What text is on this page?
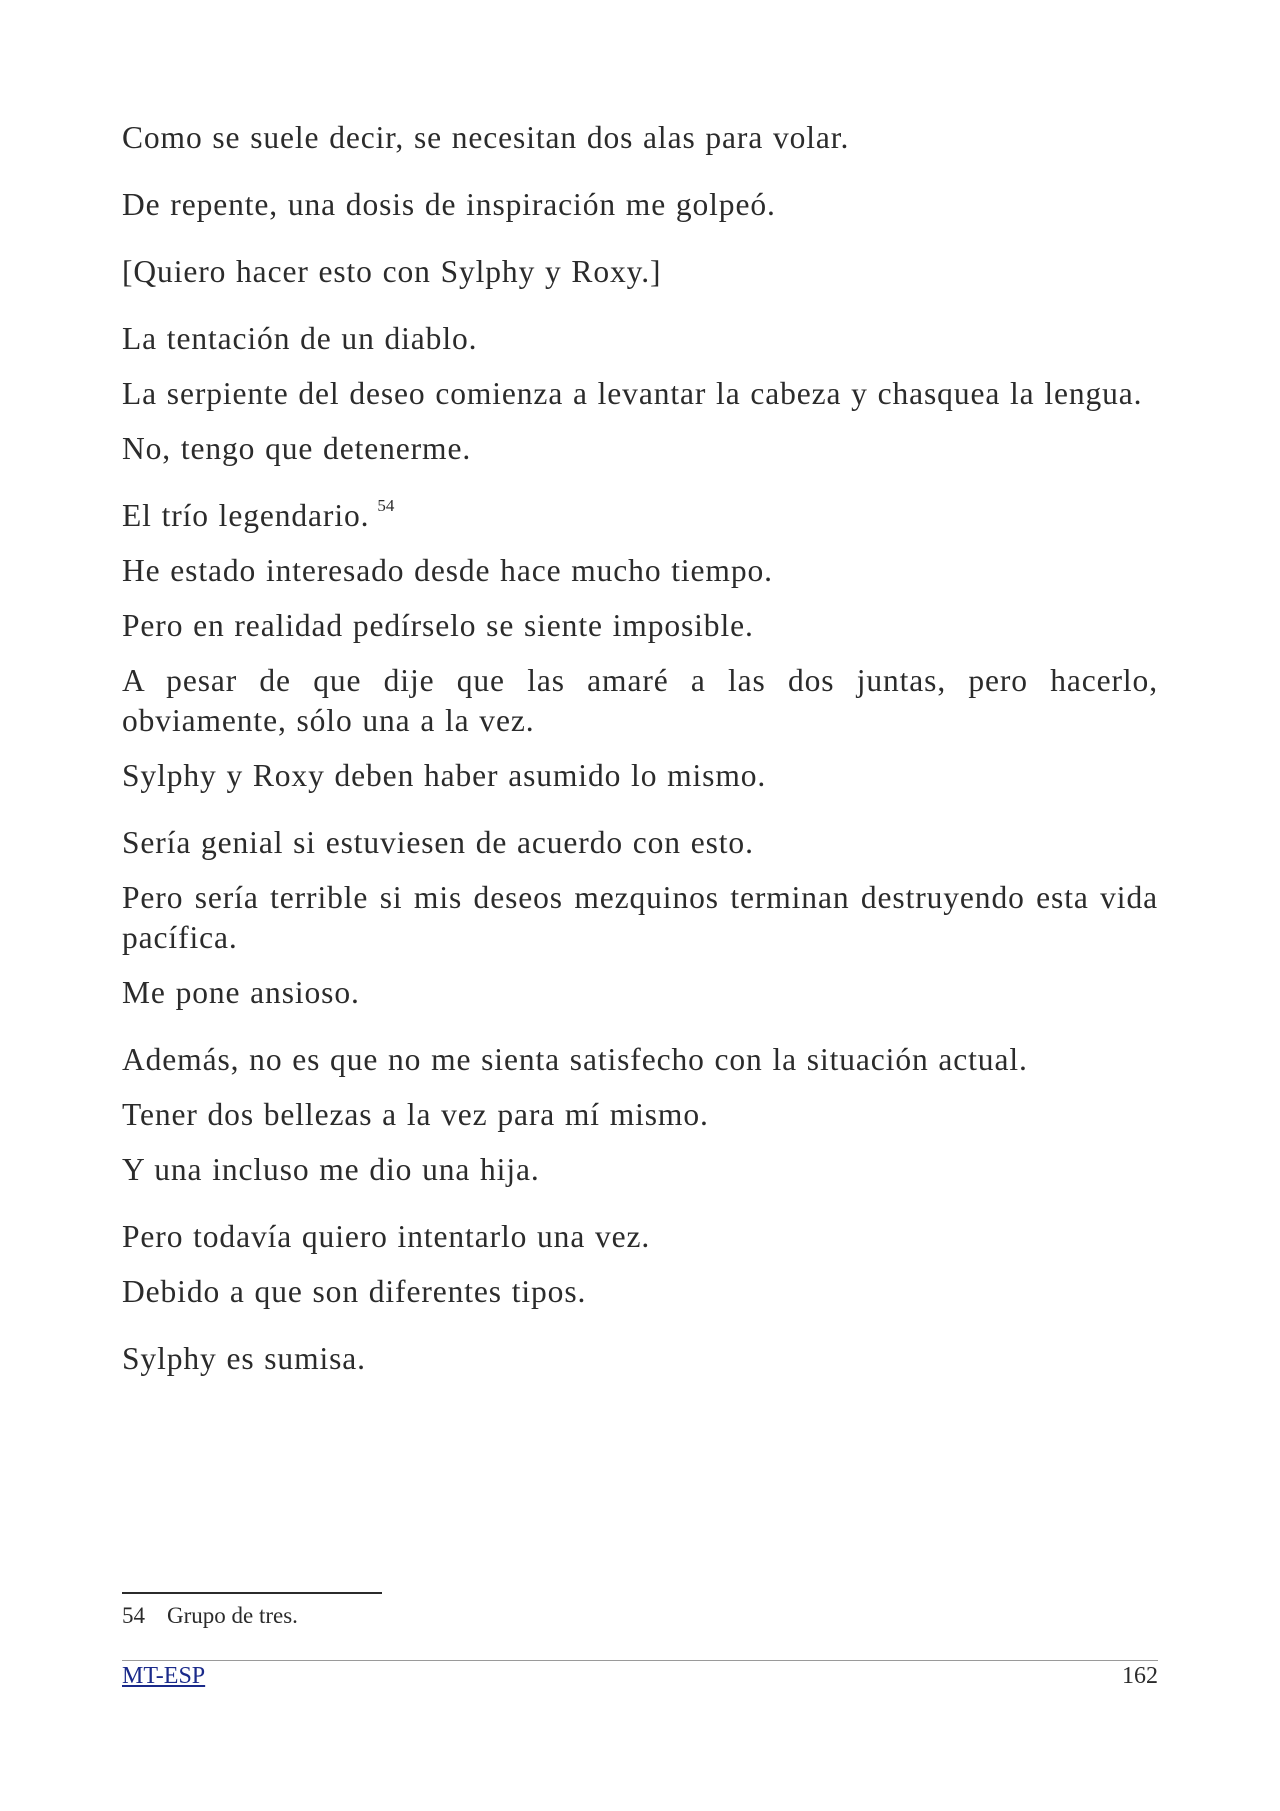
Como se suele decir, se necesitan dos alas para volar.

De repente, una dosis de inspiración me golpeó.

[Quiero hacer esto con Sylphy y Roxy.]

La tentación de un diablo.

La serpiente del deseo comienza a levantar la cabeza y chasquea la lengua.

No, tengo que detenerme.

El trío legendario. $^{54}$

He estado interesado desde hace mucho tiempo.

Pero en realidad pedírselo se siente imposible.

A pesar de que dije que las amaré a las dos juntas, pero hacerlo, obviamente, sólo una a la vez.

Sylphy y Roxy deben haber asumido lo mismo.

Sería genial si estuviesen de acuerdo con esto.

Pero sería terrible si mis deseos mezquinos terminan destruyendo esta vida pacífica.

Me pone ansioso.

Además, no es que no me sienta satisfecho con la situación actual.

Tener dos bellezas a la vez para mí mismo.

Y una incluso me dio una hija.

Pero todavía quiero intentarlo una vez.

Debido a que son diferentes tipos.

Sylphy es sumisa.

54 Grupo de tres.
MT-ESP	162
